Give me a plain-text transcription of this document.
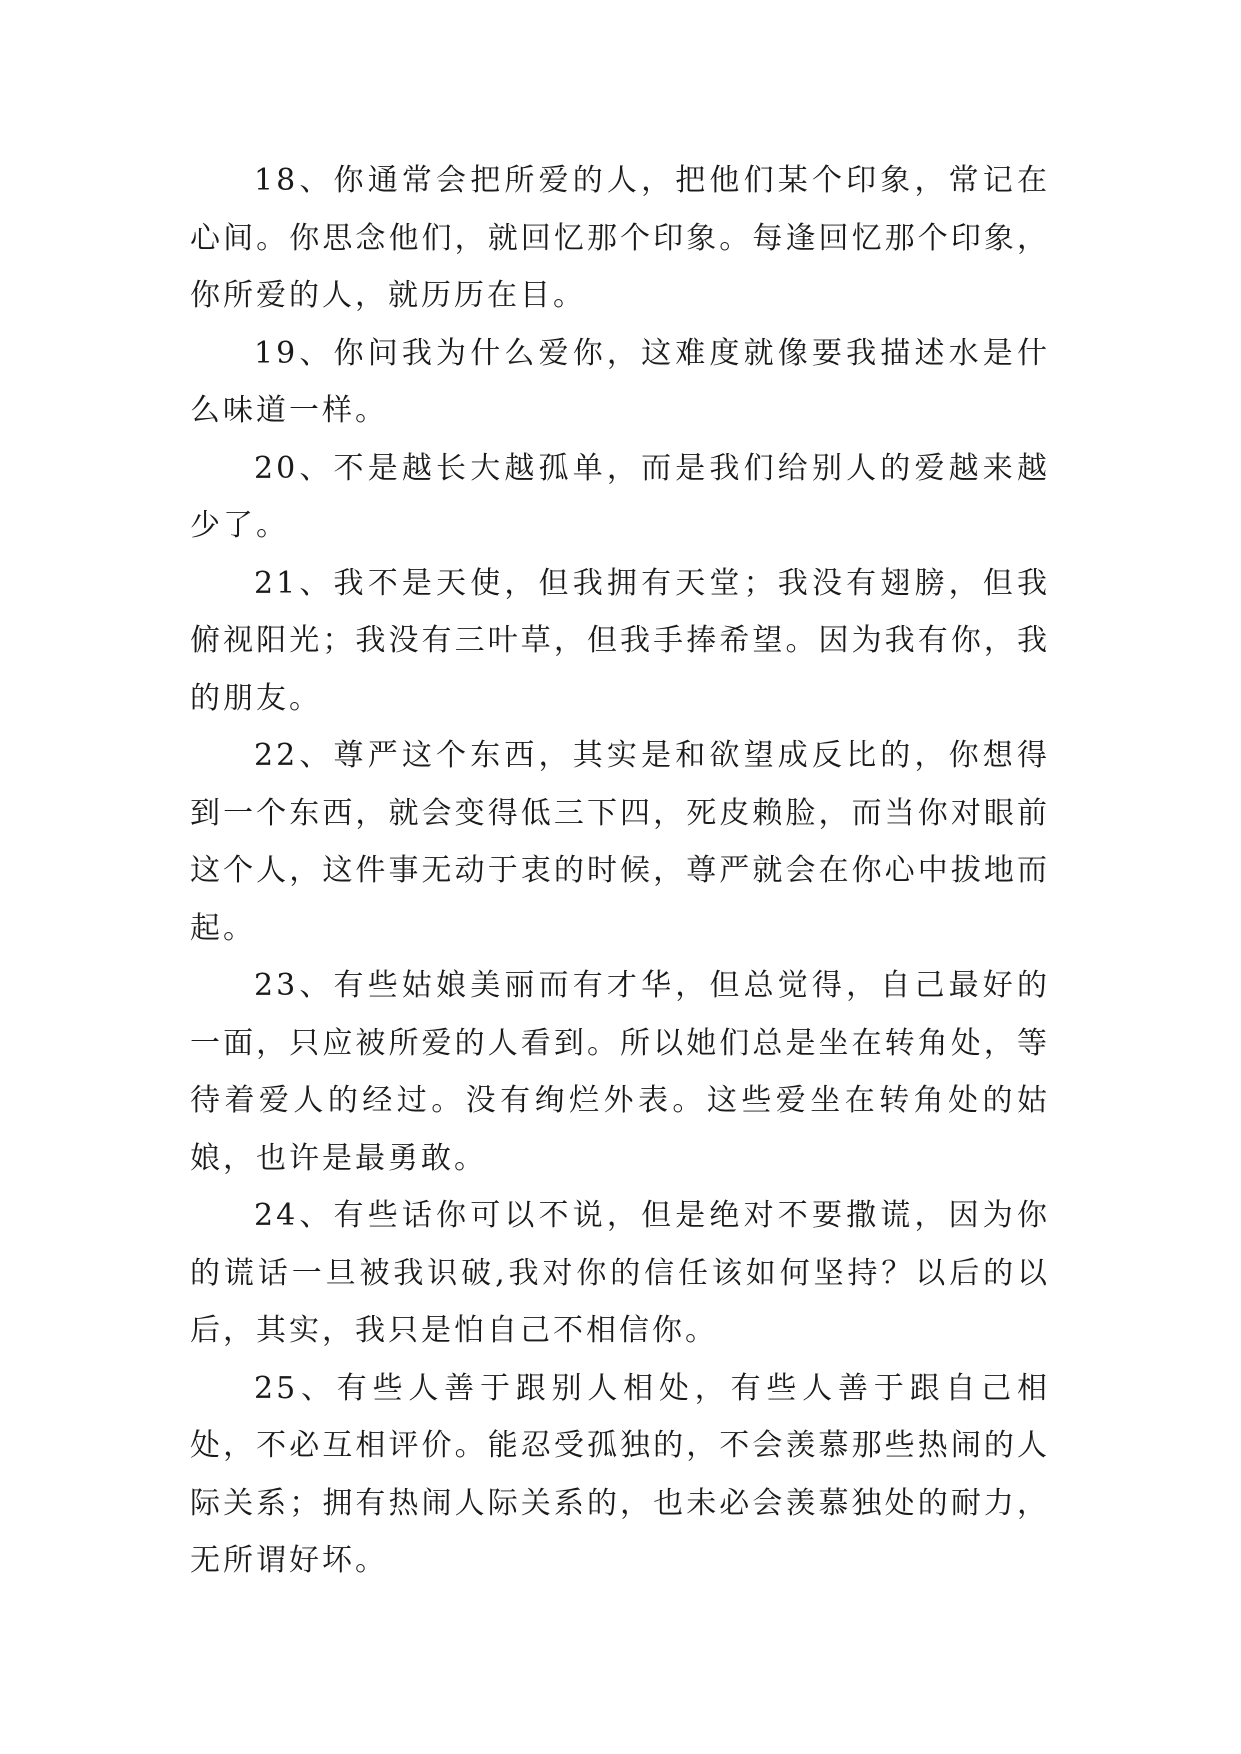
18、你通常会把所爱的人，把他们某个印象，常记在心间。你思念他们，就回忆那个印象。每逢回忆那个印象，你所爱的人，就历历在目。

19、你问我为什么爱你，这难度就像要我描述水是什么味道一样。

20、不是越长大越孤单，而是我们给别人的爱越来越少了。

21、我不是天使，但我拥有天堂；我没有翅膀，但我俯视阳光；我没有三叶草，但我手捧希望。因为我有你，我的朋友。

22、尊严这个东西，其实是和欲望成反比的，你想得到一个东西，就会变得低三下四，死皮赖脸，而当你对眼前这个人，这件事无动于衷的时候，尊严就会在你心中拔地而起。

23、有些姑娘美丽而有才华，但总觉得，自己最好的一面，只应被所爱的人看到。所以她们总是坐在转角处，等待着爱人的经过。没有绚烂外表。这些爱坐在转角处的姑娘，也许是最勇敢。

24、有些话你可以不说，但是绝对不要撒谎，因为你的谎话一旦被我识破,我对你的信任该如何坚持？以后的以后，其实，我只是怕自己不相信你。

25、有些人善于跟别人相处，有些人善于跟自己相处，不必互相评价。能忍受孤独的，不会羡慕那些热闹的人际关系；拥有热闹人际关系的，也未必会羡慕独处的耐力，无所谓好坏。
